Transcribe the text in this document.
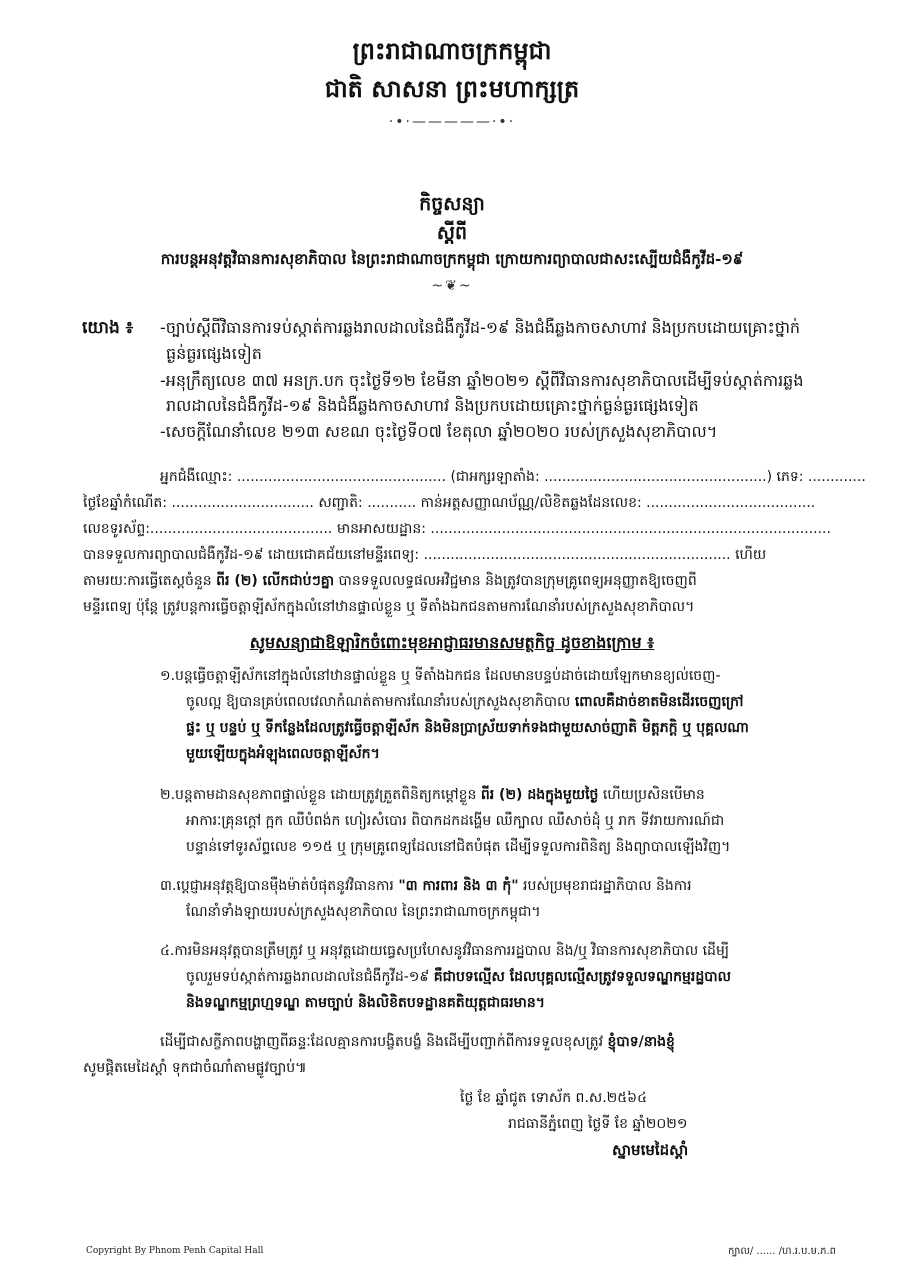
ព្រះរាជាណាចក្រកម្ពុជា
ជាតិ សាសនា ព្រះមហាក្សត្រ
·•·—————·•·
កិច្ចសន្យា
ស្តីពី
ការបន្តអនុវត្តវិធានការសុខាភិបាល នៃព្រះរាជាណាចក្រកម្ពុជា ក្រោយការព្យាបាលជាសះស្បើយជំងឺកូវីដ-១៩
~❦~
យោង ៖ -ច្បាប់ស្តីពីវិធានការទប់ស្កាត់ការឆ្លងរាលដាលនៃជំងឺកូវីដ-១៩ និងជំងឺឆ្លងកាចសាហាវ និងប្រកបដោយគ្រោះថ្នាក់
ធ្ងន់ធ្ងរផ្សេងទៀត
-អនុក្រឹត្យលេខ ៣៧ អនក្រ.បក ចុះថ្ងៃទី១២ ខែមីនា ឆ្នាំ២០២១ ស្តីពីវិធានការសុខាភិបាលដើម្បីទប់ស្កាត់ការឆ្លង
រាលដាលនៃជំងឺកូវីដ-១៩ និងជំងឺឆ្លងកាចសាហាវ និងប្រកបដោយគ្រោះថ្នាក់ធ្ងន់ធ្ងរផ្សេងទៀត
-សេចក្តីណែនាំលេខ ២១៣ សខណ ចុះថ្ងៃទី០៧ ខែតុលា ឆ្នាំ២០២០ របស់ក្រសួងសុខាភិបាល។
អ្នកជំងឺឈ្មោះ: ............................................... (ជាអក្សរឡាតាំង: ..................................................) ភេទ: .............
ថ្ងៃខែឆ្នាំកំណើត: ................................ សញ្ជាតិ: ........... កាន់អត្តសញ្ញាណប័ណ្ណ/លិខិតឆ្លងដែនលេខ: ......................................
លេខទូរស័ព្ទ:......................................... មានអាសយដ្ឋាន: ..........................................................................................
បានទទួលការព្យាបាលជំងឺកូវីដ-១៩ ដោយជោគជ័យនៅមន្ទីរពេទ្យ: ..................................................................... ហើយ
តាមរយៈការធ្វើតេស្តចំនួន ពីរ (២) លើកជាប់ៗគ្នា បានទទួលលទ្ធផលអវិជ្ជមាន និងត្រូវបានក្រុមគ្រូពេទ្យអនុញ្ញាតឱ្យចេញពី
មន្ទីរពេទ្យ ប៉ុន្តែ ត្រូវបន្តការធ្វើចត្តាឡីស័កក្នុងលំនៅឋានផ្ទាល់ខ្លួន ឬ ទីតាំងឯកជនតាមការណែនាំរបស់ក្រសួងសុខាភិបាល។
សូមសន្យាជាឱឡារិកចំពោះមុខអាជ្ញាធរមានសមត្ថកិច្ច ដូចខាងក្រោម ៖
១.បន្តធ្វើចត្តាឡីស័កនៅក្នុងលំនៅឋានផ្ទាល់ខ្លួន ឬ ទីតាំងឯកជន ដែលមានបន្ទប់ដាច់ដោយឡែកមានខ្យល់ចេញ-
ចូលល្អ ឱ្យបានគ្រប់ពេលវេលាកំណត់តាមការណែនាំរបស់ក្រសួងសុខាភិបាល ពោលគឺដាច់ខាតមិនដើរចេញក្រៅ
ផ្ទះ ឬ បន្ទប់ ឬ ទីកន្លែងដែលត្រូវធ្វើចត្តាឡីស័ក និងមិនប្រាស្រ័យទាក់ទងជាមួយសាច់ញាតិ មិត្តភក្តិ ឬ បុគ្គលណា
មួយឡើយក្នុងអំឡុងពេលចត្តាឡីស័ក។
២.បន្តតាមដានសុខភាពផ្ទាល់ខ្លួន ដោយត្រូវត្រួតពិនិត្យកម្តៅខ្លួន ពីរ (២) ដងក្នុងមួយថ្ងៃ ហើយប្រសិនបើមាន
អាការៈគ្រុនក្តៅ ក្អក ឈឺបំពង់ក ហៀរសំបោរ ពិបាកដកដង្ហើម ឈឺក្បាល ឈឺសាច់ដុំ ឬ រាក ទីវរាយការណ៍ជា
បន្ទាន់ទៅទូរស័ព្ទលេខ ១១៥ ឬ ក្រុមគ្រូពេទ្យដែលនៅជិតបំផុត ដើម្បីទទួលការពិនិត្យ និងព្យាបាលឡើងវិញ។
៣.ប្តេជ្ញាអនុវត្តឱ្យបានម៉ឺងម៉ាត់បំផុតនូវវិធានការ "៣ ការពារ និង ៣ កុំ" របស់ប្រមុខរាជរដ្ឋាភិបាល និងការ
ណែនាំទាំងឡាយរបស់ក្រសួងសុខាភិបាល នៃព្រះរាជាណាចក្រកម្ពុជា។
៤.ការមិនអនុវត្តបានត្រឹមត្រូវ ឬ អនុវត្តដោយធ្វេសប្រហែសនូវវិធានការរដ្ឋបាល និង/ឬ វិធានការសុខាភិបាល ដើម្បី
ចូលរួមទប់ស្កាត់ការឆ្លងរាលដាលនៃជំងឺកូវីដ-១៩ គឺជាបទល្មើស ដែលបុគ្គលល្មើសត្រូវទទួលទណ្ឌកម្មរដ្ឋបាល
និងទណ្ឌកម្មព្រហ្មទណ្ឌ តាមច្បាប់ និងលិខិតបទដ្ឋានគតិយុត្តជាធរមាន។
ដើម្បីជាសក្ខីភាពបង្ហាញពីឆន្ទៈដែលគ្មានការបង្ខិតបង្ខំ និងដើម្បីបញ្ជាក់ពីការទទួលខុសត្រូវ ខ្ញុំបាទ/នាងខ្ញុំ
សូមផ្តិតមេដៃស្តាំ ទុកជាចំណាំតាមផ្លូវច្បាប់៕
ថ្ងៃ ខែ ឆ្នាំជូត ទោស័ក ព.ស.២៥៦៤
រាជធានីភ្នំពេញ ថ្ងៃទី ខែ ឆ្នាំ២០២១
ស្នាមមេដៃស្តាំ
Copyright By Phnom Penh Capital Hall	ក្បាល/ ...... /ហ.រ.ប.ម.ភ.ព
